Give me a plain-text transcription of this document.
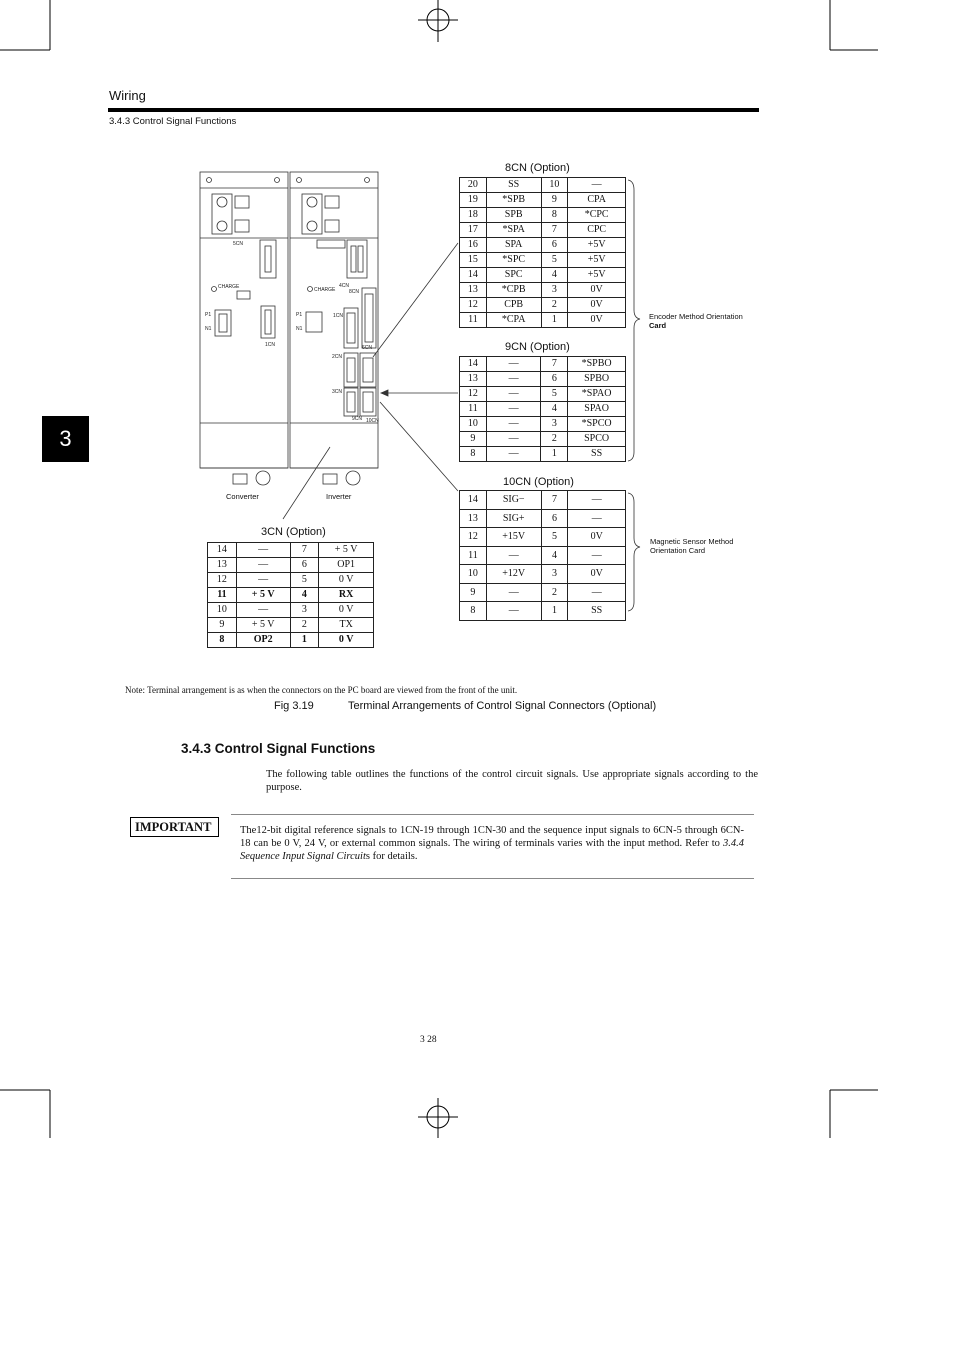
Wiring
3.4.3 Control Signal Functions
3
5CN
CHARGE
P1
N1
1CN
CHARGE
4CN
P1
N1
1CN
6CN
2CN
3CN
9CN 10CN
8CN
Converter	Inverter
8CN (Option)
20	SS	10	—
19	*SPB	9	CPA
18	SPB	8	*CPC
17	*SPA	7	CPC
16	SPA	6	+5V
15	*SPC	5	+5V
14	SPC	4	+5V
13	*CPB	3	0V
12	CPB	2	0V
11	*CPA	1	0V
9CN (Option)
14	—	7	*SPBO
13	—	6	SPBO
12	—	5	*SPAO
11	—	4	SPAO
10	—	3	*SPCO
9	—	2	SPCO
8	—	1	SS
10CN (Option)
14	SIG−	7	—
13	SIG+	6	—
12	+15V	5	0V
11	—	4	—
10	+12V	3	0V
9	—	2	—
8	—	1	SS
3CN (Option)
14	—	7	+ 5 V
13	—	6	OP1
12	—	5	0 V
11	+ 5 V	4	RX
10	—	3	0 V
9	+ 5 V	2	TX
8	OP2	1	0 V
Encoder Method Orientation
Card
Magnetic Sensor Method
Orientation Card
Note: Terminal arrangement is as when the connectors on the PC board are viewed from the front of the unit.
Fig 3.19	Terminal Arrangements of Control Signal Connectors (Optional)
3.4.3 Control Signal Functions
The following table outlines the functions of the control circuit signals. Use appropriate signals according to the purpose.
IMPORTANT	The12-bit digital reference signals to 1CN-19 through 1CN-30 and the sequence input signals to 6CN-5 through 6CN-18 can be 0 V, 24 V, or external common signals. The wiring of terminals varies with the input method. Refer to 3.4.4 Sequence Input Signal Circuits for details.
3 28
